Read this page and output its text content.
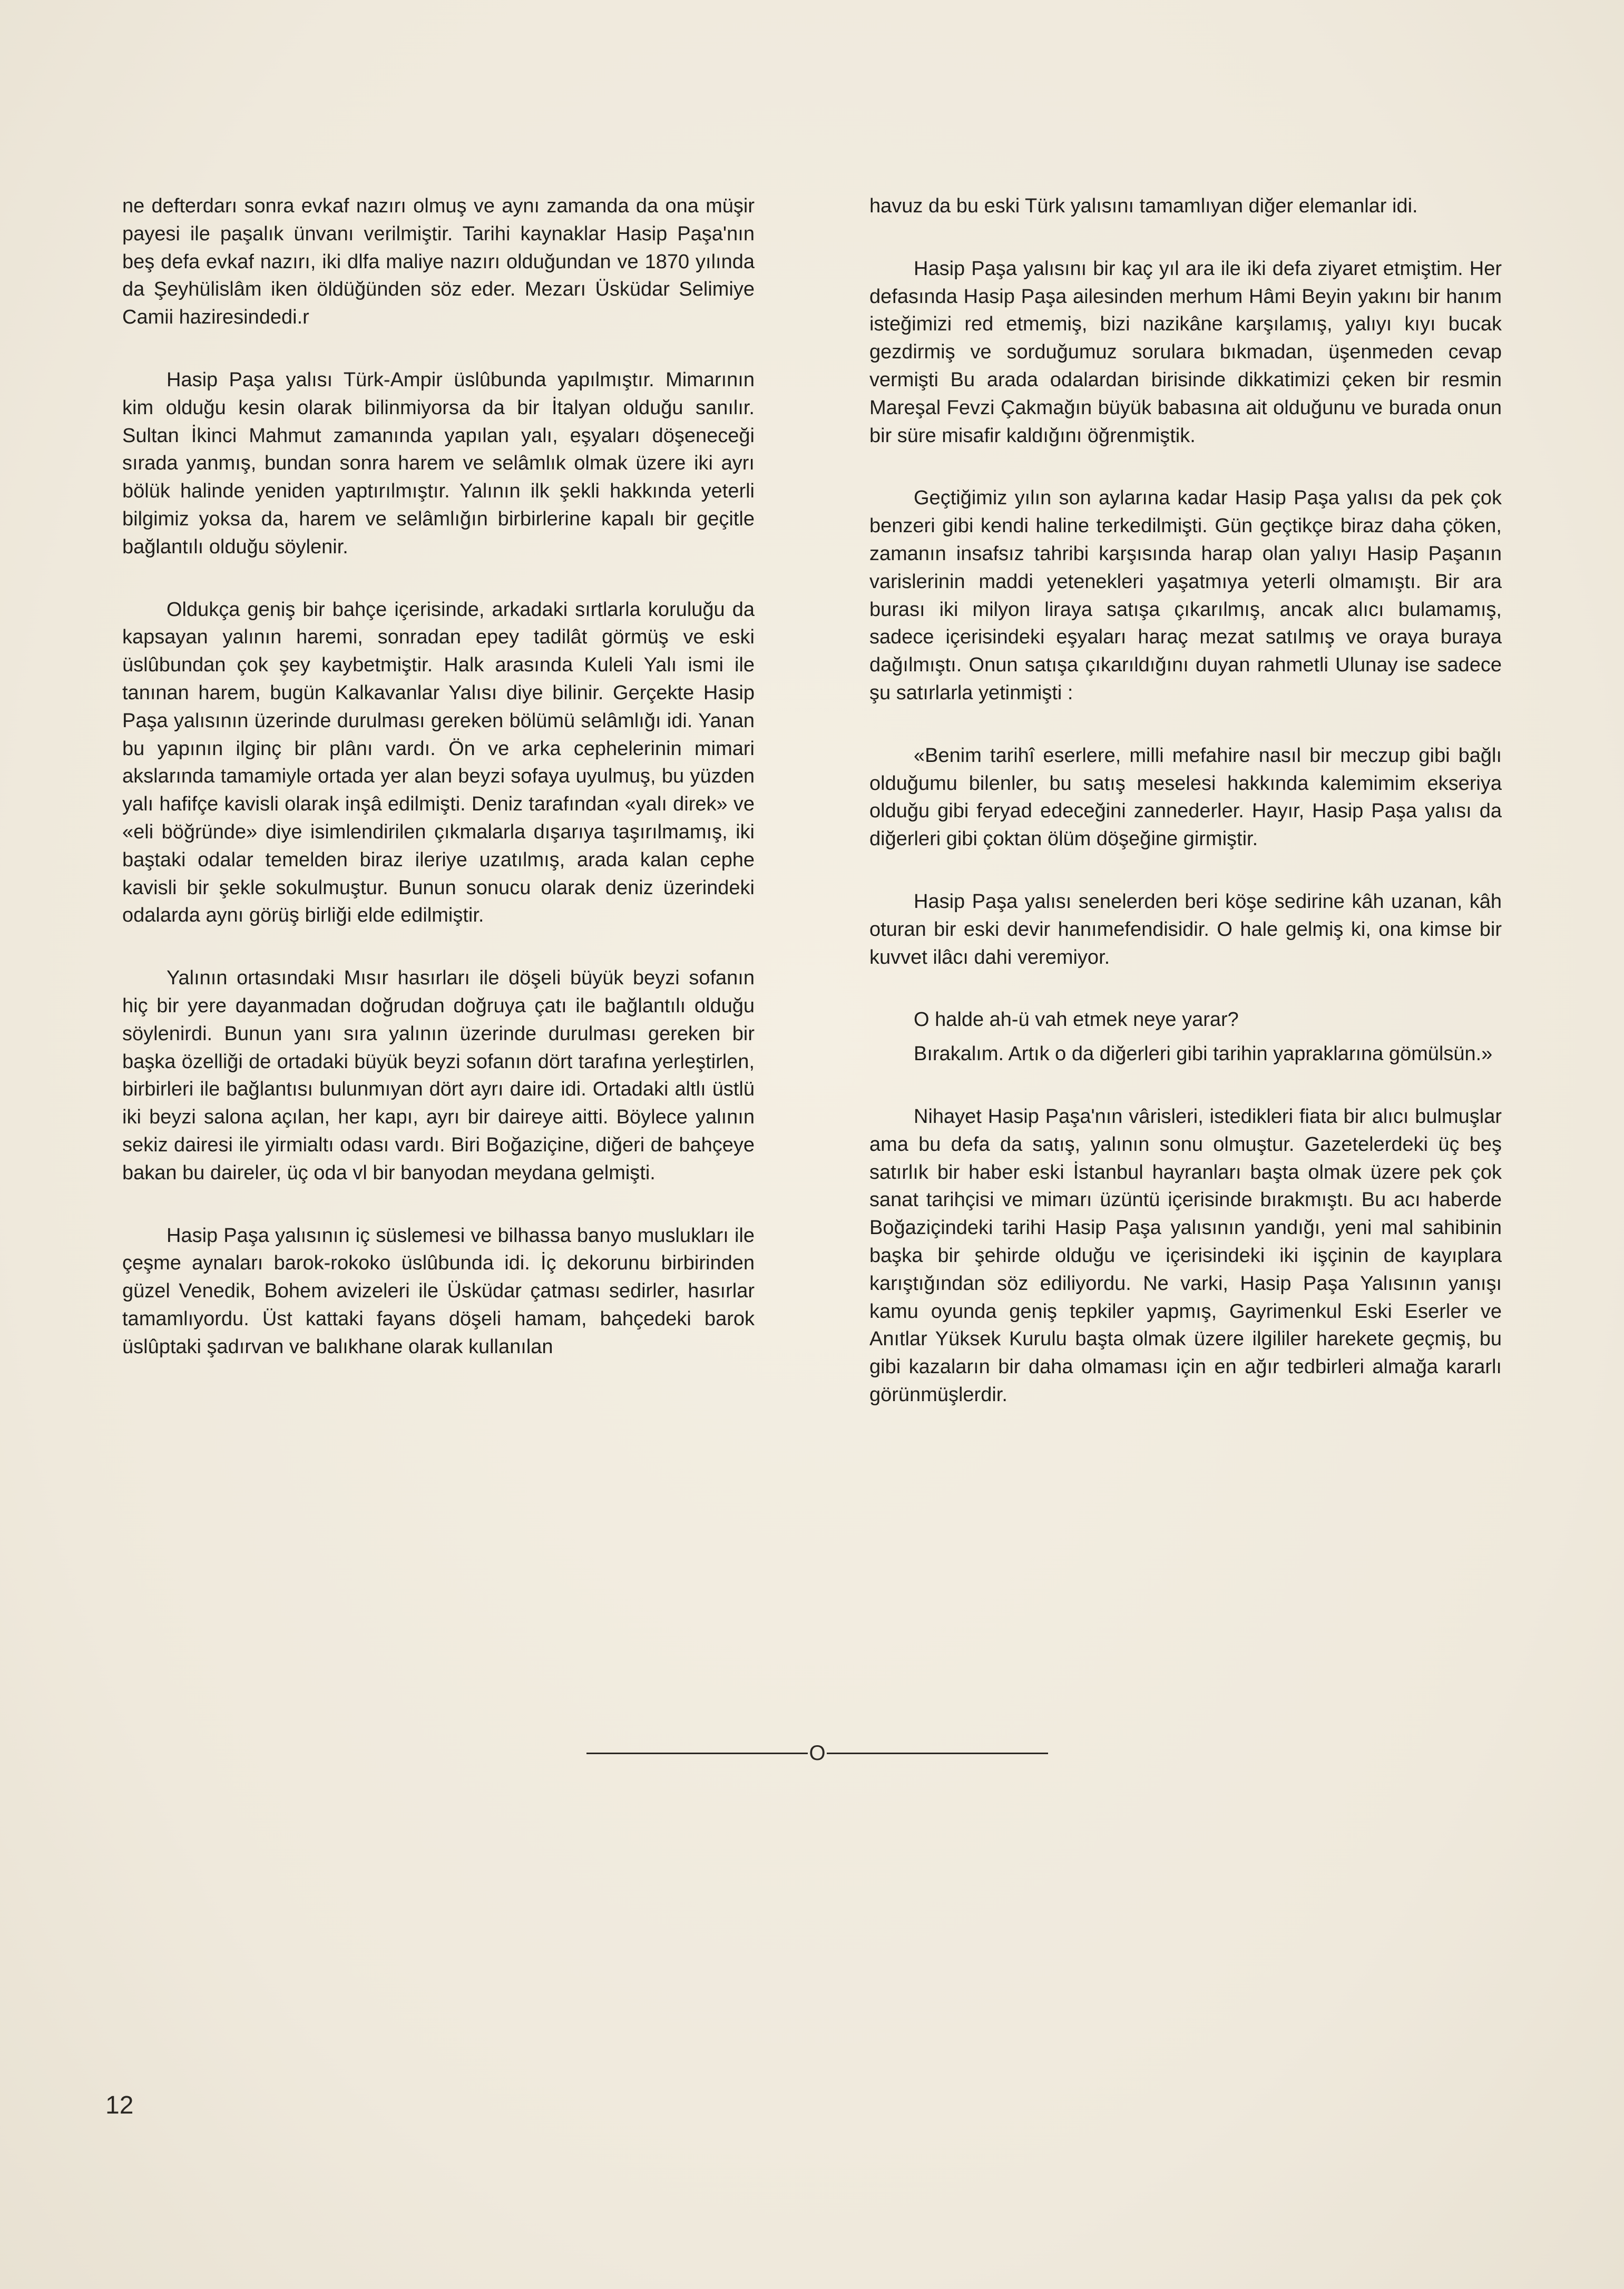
ne defterdarı sonra evkaf nazırı olmuş ve aynı zamanda da ona müşir payesi ile paşalık ünvanı verilmiştir. Tarihi kaynaklar Hasip Paşa'nın beş defa evkaf nazırı, iki dlfa maliye nazırı olduğundan ve 1870 yılında da Şeyhülislâm iken öldüğünden söz eder. Mezarı Üsküdar Selimiye Camii haziresindedi.r

Hasip Paşa yalısı Türk-Ampir üslûbunda yapılmıştır. Mimarının kim olduğu kesin olarak bilinmiyorsa da bir İtalyan olduğu sanılır. Sultan İkinci Mahmut zamanında yapılan yalı, eşyaları döşeneceği sırada yanmış, bundan sonra harem ve selâmlık olmak üzere iki ayrı bölük halinde yeniden yaptırılmıştır. Yalının ilk şekli hakkında yeterli bilgimiz yoksa da, harem ve selâmlığın birbirlerine kapalı bir geçitle bağlantılı olduğu söylenir.

Oldukça geniş bir bahçe içerisinde, arkadaki sırtlarla koruluğu da kapsayan yalının haremi, sonradan epey tadilât görmüş ve eski üslûbundan çok şey kaybetmiştir. Halk arasında Kuleli Yalı ismi ile tanınan harem, bugün Kalkavanlar Yalısı diye bilinir. Gerçekte Hasip Paşa yalısının üzerinde durulması gereken bölümü selâmlığı idi. Yanan bu yapının ilginç bir plânı vardı. Ön ve arka cephelerinin mimari akslarında tamamiyle ortada yer alan beyzi sofaya uyulmuş, bu yüzden yalı hafifçe kavisli olarak inşâ edilmişti. Deniz tarafından «yalı direk» ve «eli böğründe» diye isimlendirilen çıkmalarla dışarıya taşırılmamış, iki baştaki odalar temelden biraz ileriye uzatılmış, arada kalan cephe kavisli bir şekle sokulmuştur. Bunun sonucu olarak deniz üzerindeki odalarda aynı görüş birliği elde edilmiştir.

Yalının ortasındaki Mısır hasırları ile döşeli büyük beyzi sofanın hiç bir yere dayanmadan doğrudan doğruya çatı ile bağlantılı olduğu söylenirdi. Bunun yanı sıra yalının üzerinde durulması gereken bir başka özelliği de ortadaki büyük beyzi sofanın dört tarafına yerleştirlen, birbirleri ile bağlantısı bulunmıyan dört ayrı daire idi. Ortadaki altlı üstlü iki beyzi salona açılan, her kapı, ayrı bir daireye aitti. Böylece yalının sekiz dairesi ile yirmialtı odası vardı. Biri Boğaziçine, diğeri de bahçeye bakan bu daireler, üç oda vl bir banyodan meydana gelmişti.

Hasip Paşa yalısının iç süslemesi ve bilhassa banyo muslukları ile çeşme aynaları barok-rokoko üslûbunda idi. İç dekorunu birbirinden güzel Venedik, Bohem avizeleri ile Üsküdar çatması sedirler, hasırlar tamamlıyordu. Üst kattaki fayans döşeli hamam, bahçedeki barok üslûptaki şadırvan ve balıkhane olarak kullanılan

havuz da bu eski Türk yalısını tamamlıyan diğer elemanlar idi.

Hasip Paşa yalısını bir kaç yıl ara ile iki defa ziyaret etmiştim. Her defasında Hasip Paşa ailesinden merhum Hâmi Beyin yakını bir hanım isteğimizi red etmemiş, bizi nazikâne karşılamış, yalıyı kıyı bucak gezdirmiş ve sorduğumuz sorulara bıkmadan, üşenmeden cevap vermişti Bu arada odalardan birisinde dikkatimizi çeken bir resmin Mareşal Fevzi Çakmağın büyük babasına ait olduğunu ve burada onun bir süre misafir kaldığını öğrenmiştik.

Geçtiğimiz yılın son aylarına kadar Hasip Paşa yalısı da pek çok benzeri gibi kendi haline terkedilmişti. Gün geçtikçe biraz daha çöken, zamanın insafsız tahribi karşısında harap olan yalıyı Hasip Paşanın varislerinin maddi yetenekleri yaşatmıya yeterli olmamıştı. Bir ara burası iki milyon liraya satışa çıkarılmış, ancak alıcı bulamamış, sadece içerisindeki eşyaları haraç mezat satılmış ve oraya buraya dağılmıştı. Onun satışa çıkarıldığını duyan rahmetli Ulunay ise sadece şu satırlarla yetinmişti :

«Benim tarihî eserlere, milli mefahire nasıl bir meczup gibi bağlı olduğumu bilenler, bu satış meselesi hakkında kalemimim ekseriya olduğu gibi feryad edeceğini zannederler. Hayır, Hasip Paşa yalısı da diğerleri gibi çoktan ölüm döşeğine girmiştir.

Hasip Paşa yalısı senelerden beri köşe sedirine kâh uzanan, kâh oturan bir eski devir hanımefendisidir. O hale gelmiş ki, ona kimse bir kuvvet ilâcı dahi veremiyor.

O halde ah-ü vah etmek neye yarar?

Bırakalım. Artık o da diğerleri gibi tarihin yapraklarına gömülsün.»

Nihayet Hasip Paşa'nın vârisleri, istedikleri fiata bir alıcı bulmuşlar ama bu defa da satış, yalının sonu olmuştur. Gazetelerdeki üç beş satırlık bir haber eski İstanbul hayranları başta olmak üzere pek çok sanat tarihçisi ve mimarı üzüntü içerisinde bırakmıştı. Bu acı haberde Boğaziçindeki tarihi Hasip Paşa yalısının yandığı, yeni mal sahibinin başka bir şehirde olduğu ve içerisindeki iki işçinin de kayıplara karıştığından söz ediliyordu. Ne varki, Hasip Paşa Yalısının yanışı kamu oyunda geniş tepkiler yapmış, Gayrimenkul Eski Eserler ve Anıtlar Yüksek Kurulu başta olmak üzere ilgililer harekete geçmiş, bu gibi kazaların bir daha olmaması için en ağır tedbirleri almağa kararlı görünmüşlerdir.

O
12
